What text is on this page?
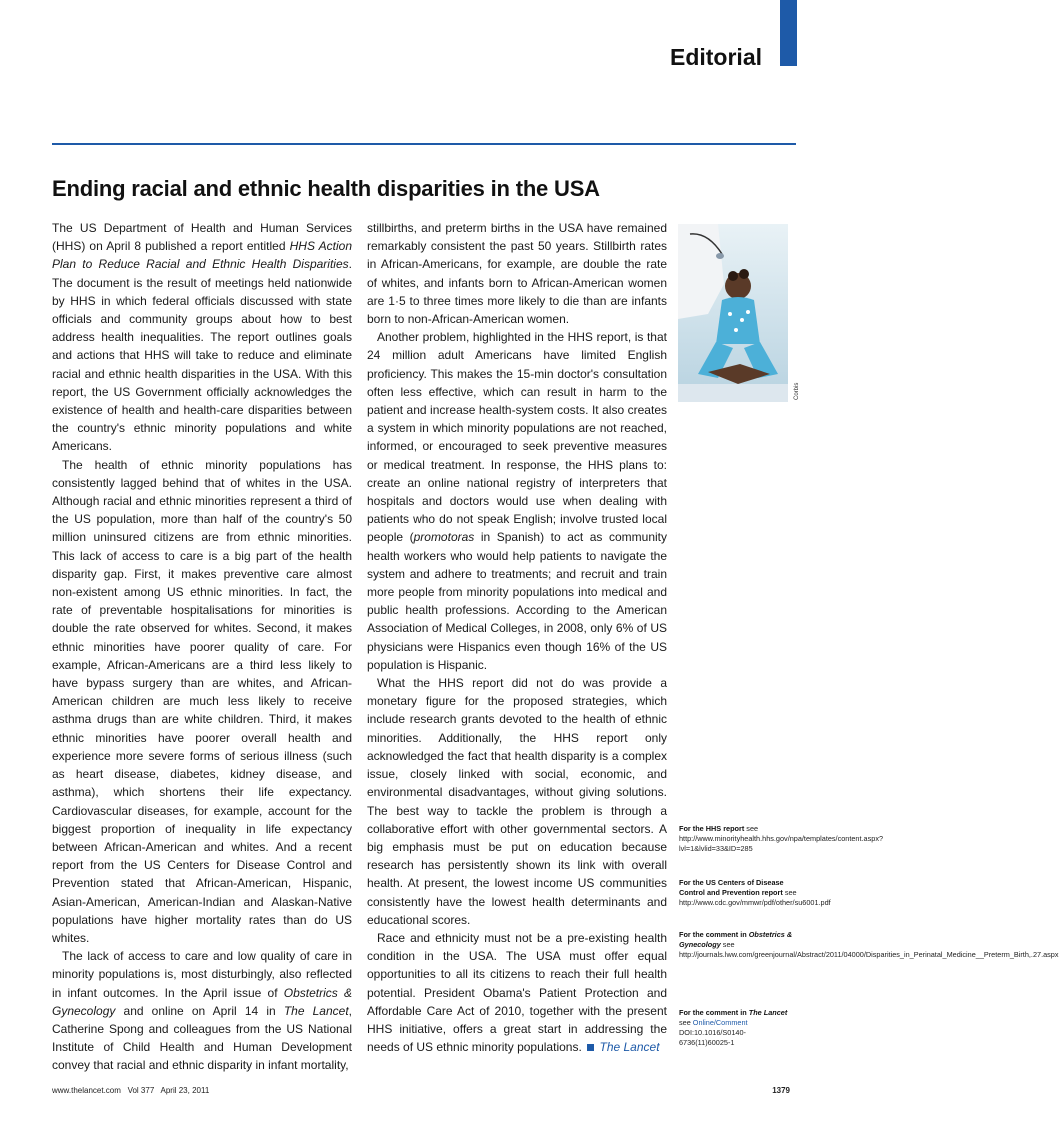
Editorial
Ending racial and ethnic health disparities in the USA

The US Department of Health and Human Services (HHS) on April 8 published a report entitled HHS Action Plan to Reduce Racial and Ethnic Health Disparities. The document is the result of meetings held nationwide by HHS in which federal officials discussed with state officials and community groups about how to best address health inequalities. The report outlines goals and actions that HHS will take to reduce and eliminate racial and ethnic health disparities in the USA. With this report, the US Government officially acknowledges the existence of health and health-care disparities between the country's ethnic minority populations and white Americans.

The health of ethnic minority populations has consistently lagged behind that of whites in the USA. Although racial and ethnic minorities represent a third of the US population, more than half of the country's 50 million uninsured citizens are from ethnic minorities. This lack of access to care is a big part of the health disparity gap. First, it makes preventive care almost non-existent among US ethnic minorities. In fact, the rate of preventable hospitalisations for minorities is double the rate observed for whites. Second, it makes ethnic minorities have poorer quality of care. For example, African-Americans are a third less likely to have bypass surgery than are whites, and African-American children are much less likely to receive asthma drugs than are white children. Third, it makes ethnic minorities have poorer overall health and experience more severe forms of serious illness (such as heart disease, diabetes, kidney disease, and asthma), which shortens their life expectancy. Cardiovascular diseases, for example, account for the biggest proportion of inequality in life expectancy between African-American and whites. And a recent report from the US Centers for Disease Control and Prevention stated that African-American, Hispanic, Asian-American, American-Indian and Alaskan-Native populations have higher mortality rates than do US whites.

The lack of access to care and low quality of care in minority populations is, most disturbingly, also reflected in infant outcomes. In the April issue of Obstetrics & Gynecology and online on April 14 in The Lancet, Catherine Spong and colleagues from the US National Institute of Child Health and Human Development convey that racial and ethnic disparity in infant mortality,

stillbirths, and preterm births in the USA have remained remarkably consistent the past 50 years. Stillbirth rates in African-Americans, for example, are double the rate of whites, and infants born to African-American women are 1·5 to three times more likely to die than are infants born to non-African-American women.

Another problem, highlighted in the HHS report, is that 24 million adult Americans have limited English proficiency. This makes the 15-min doctor's consultation often less effective, which can result in harm to the patient and increase health-system costs. It also creates a system in which minority populations are not reached, informed, or encouraged to seek preventive measures or medical treatment. In response, the HHS plans to: create an online national registry of interpreters that hospitals and doctors would use when dealing with patients who do not speak English; involve trusted local people (promotoras in Spanish) to act as community health workers who would help patients to navigate the system and adhere to treatments; and recruit and train more people from minority populations into medical and public health professions. According to the American Association of Medical Colleges, in 2008, only 6% of US physicians were Hispanics even though 16% of the US population is Hispanic.

What the HHS report did not do was provide a monetary figure for the proposed strategies, which include research grants devoted to the health of ethnic minorities. Additionally, the HHS report only acknowledged the fact that health disparity is a complex issue, closely linked with social, economic, and environmental disadvantages, without giving solutions. The best way to tackle the problem is through a collaborative effort with other governmental sectors. A big emphasis must be put on education because research has persistently shown its link with overall health. At present, the lowest income US communities consistently have the lowest health determinants and educational scores.

Race and ethnicity must not be a pre-existing health condition in the USA. The USA must offer equal opportunities to all its citizens to reach their full health potential. President Obama's Patient Protection and Affordable Care Act of 2010, together with the present HHS initiative, offers a great start in addressing the needs of US ethnic minority populations. The Lancet

Corbis
For the HHS report see http://www.minorityhealth.hhs.gov/npa/templates/content.aspx?lvl=1&lvlid=33&ID=285
For the US Centers of Disease Control and Prevention report see http://www.cdc.gov/mmwr/pdf/other/su6001.pdf
For the comment in Obstetrics & Gynecology see http://journals.lww.com/greenjournal/Abstract/2011/04000/Disparities_in_Perinatal_Medicine__Preterm_Birth,.27.aspx
For the comment in The Lancet see Online/Comment
DOI:10.1016/S0140-6736(11)60025-1
www.thelancet.com   Vol 377   April 23, 2011	1379
